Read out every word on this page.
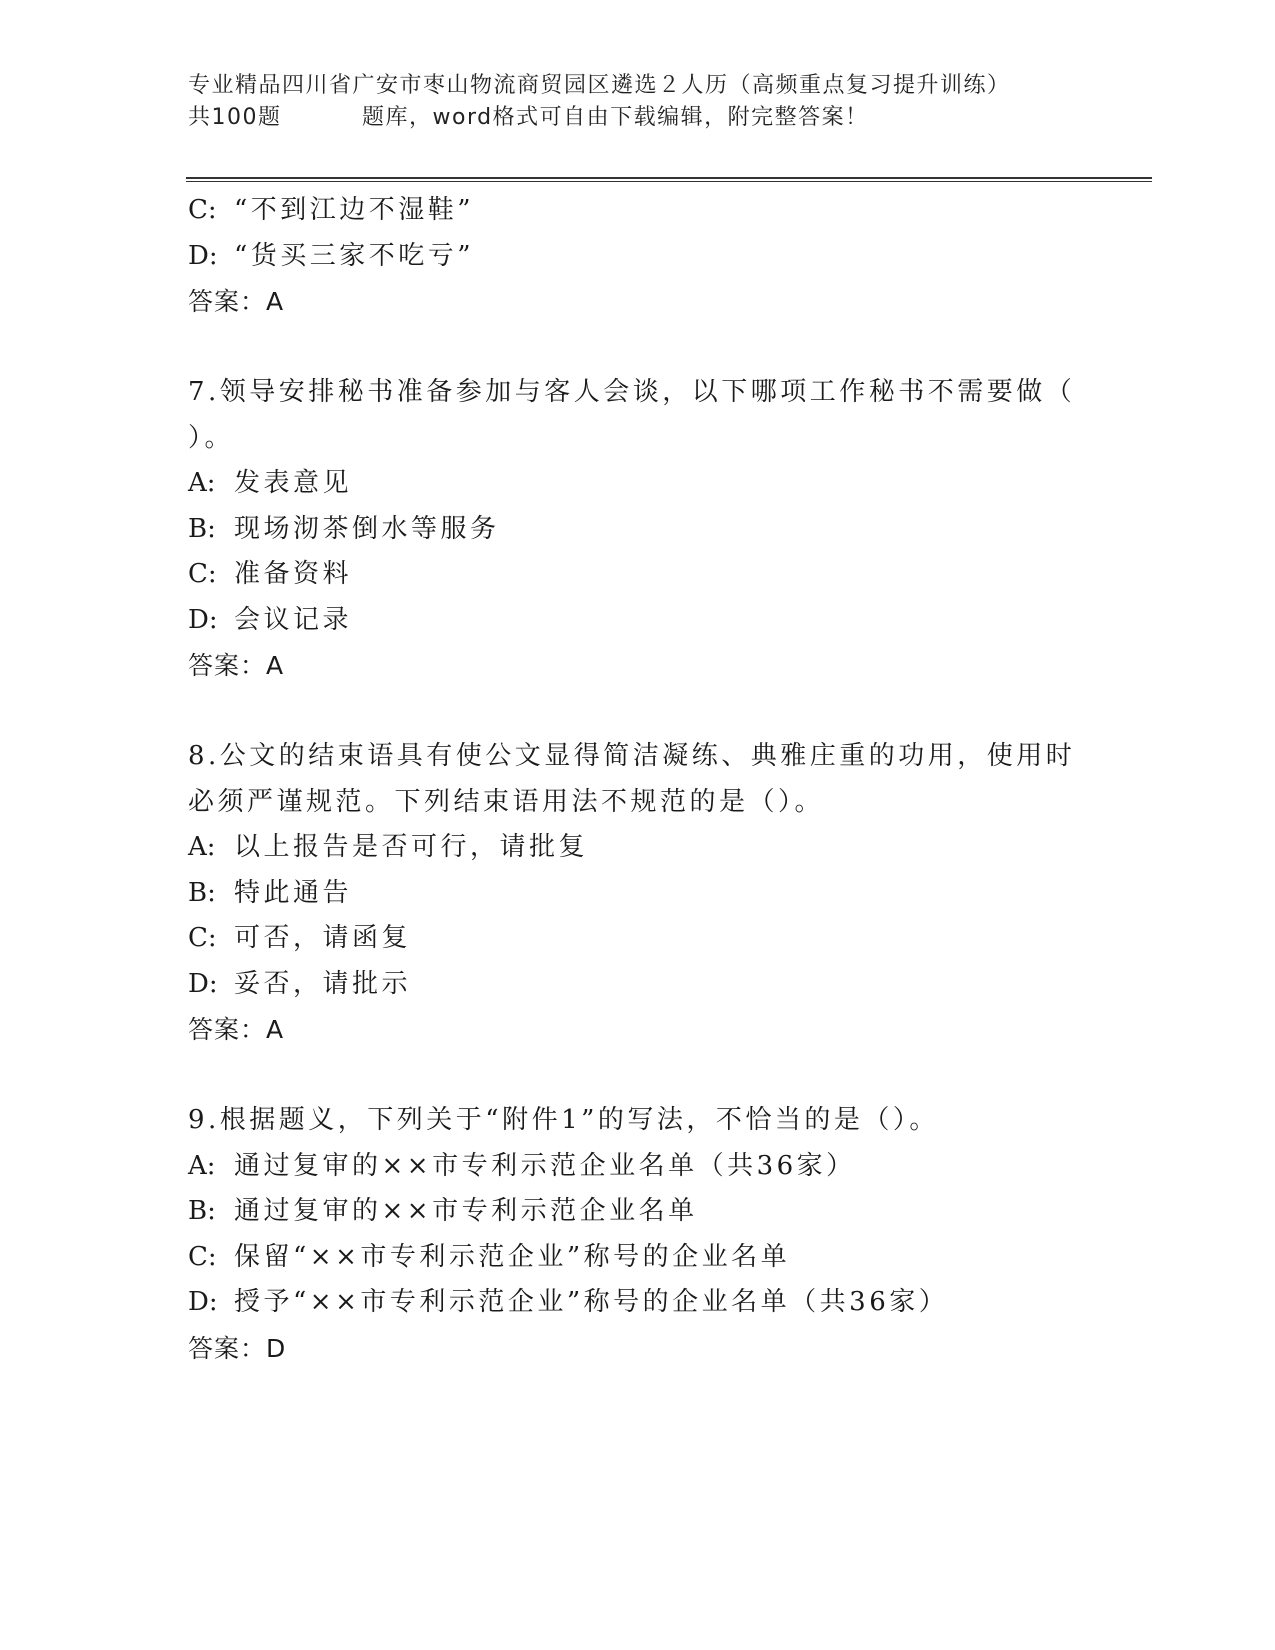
专业精品四川省广安市枣山物流商贸园区遴选２人历（高频重点复习提升训练）
共100题	题库，word格式可自由下载编辑，附完整答案！
C: “不到江边不湿鞋”
D: “货买三家不吃亏”
答案：A
7.领导安排秘书准备参加与客人会谈，以下哪项工作秘书不需要做（
）。
A: 发表意见
B: 现场沏茶倒水等服务
C: 准备资料
D: 会议记录
答案：A
8.公文的结束语具有使公文显得简洁凝练、典雅庄重的功用，使用时
必须严谨规范。下列结束语用法不规范的是（）。
A: 以上报告是否可行，请批复
B: 特此通告
C: 可否，请函复
D: 妥否，请批示
答案：A
9.根据题义，下列关于“附件1”的写法，不恰当的是（）。
A: 通过复审的××市专利示范企业名单（共36家）
B: 通过复审的××市专利示范企业名单
C: 保留“××市专利示范企业”称号的企业名单
D: 授予“××市专利示范企业”称号的企业名单（共36家）
答案：D
